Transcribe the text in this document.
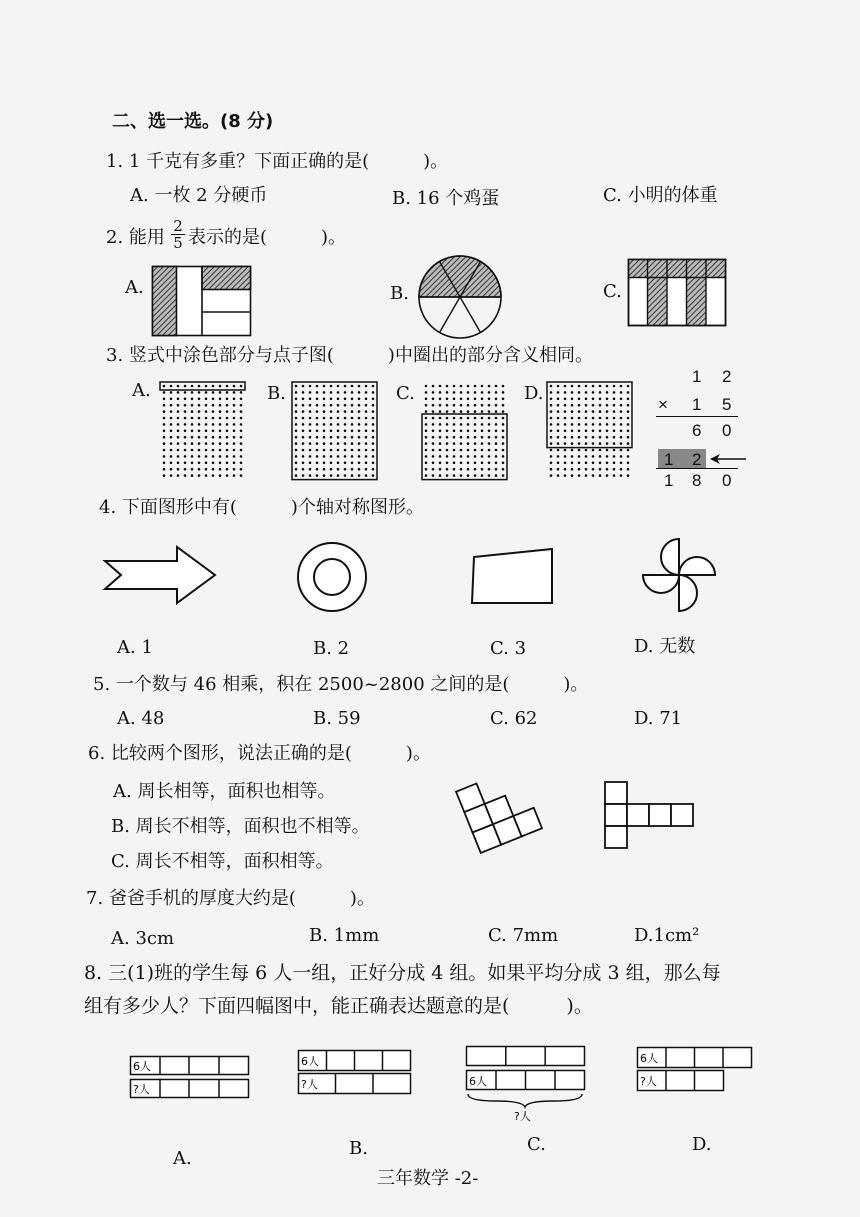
二、选一选。(8 分)
1. 1 千克有多重？下面正确的是(　　　)。
A. 一枚 2 分硬币	B. 16 个鸡蛋	C. 小明的体重
2. 能用 $\frac{2}{5}$ 表示的是(　　　)。
A.	B.	C.
3. 竖式中涂色部分与点子图(　　　)中圈出的部分含义相同。
A.	B.	C.	D.
1 2
× 1 5
6 0
1 2
1 8 0
4. 下面图形中有(　　　)个轴对称图形。
A. 1	B. 2	C. 3	D. 无数
5. 一个数与 46 相乘，积在 2500~2800 之间的是(　　　)。
A. 48	B. 59	C. 62	D. 71
6. 比较两个图形，说法正确的是(　　　)。
A. 周长相等，面积也相等。
B. 周长不相等，面积也不相等。
C. 周长不相等，面积相等。
7. 爸爸手机的厚度大约是(　　　)。
A. 3cm	B. 1mm	C. 7mm	D.1cm²
8. 三(1)班的学生每 6 人一组，正好分成 4 组。如果平均分成 3 组，那么每
组有多少人？下面四幅图中，能正确表达题意的是(　　　)。
6人
?人
A.
6人
?人
B.
6人
?人
C.
6人
?人
D.
三年数学 -2-
